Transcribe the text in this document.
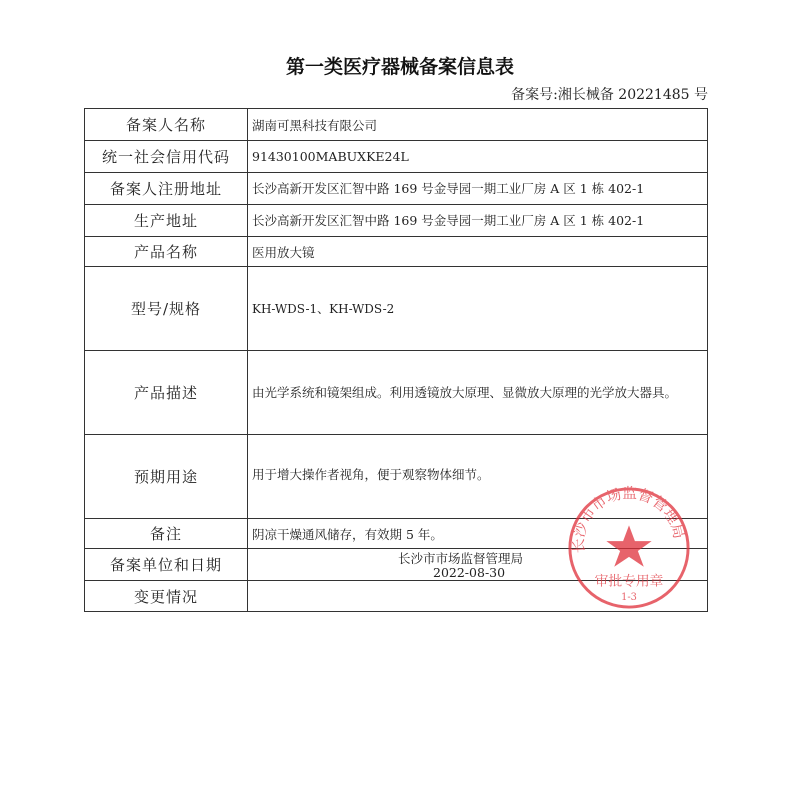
第一类医疗器械备案信息表
备案号:湘长械备 20221485 号
备案人名称	湖南可黑科技有限公司
统一社会信用代码	91430100MABUXKE24L
备案人注册地址	长沙高新开发区汇智中路 169 号金导园一期工业厂房 A 区 1 栋 402-1
生产地址	长沙高新开发区汇智中路 169 号金导园一期工业厂房 A 区 1 栋 402-1
产品名称	医用放大镜
型号/规格	KH-WDS-1、KH-WDS-2
产品描述	由光学系统和镜架组成。利用透镜放大原理、显微放大原理的光学放大器具。
预期用途	用于增大操作者视角，便于观察物体细节。
备注	阴凉干燥通风储存，有效期 5 年。
备案单位和日期	长沙市市场监督管理局
2022-08-30

变更情况	
长沙市市场监督管理局
审批专用章
1-3
